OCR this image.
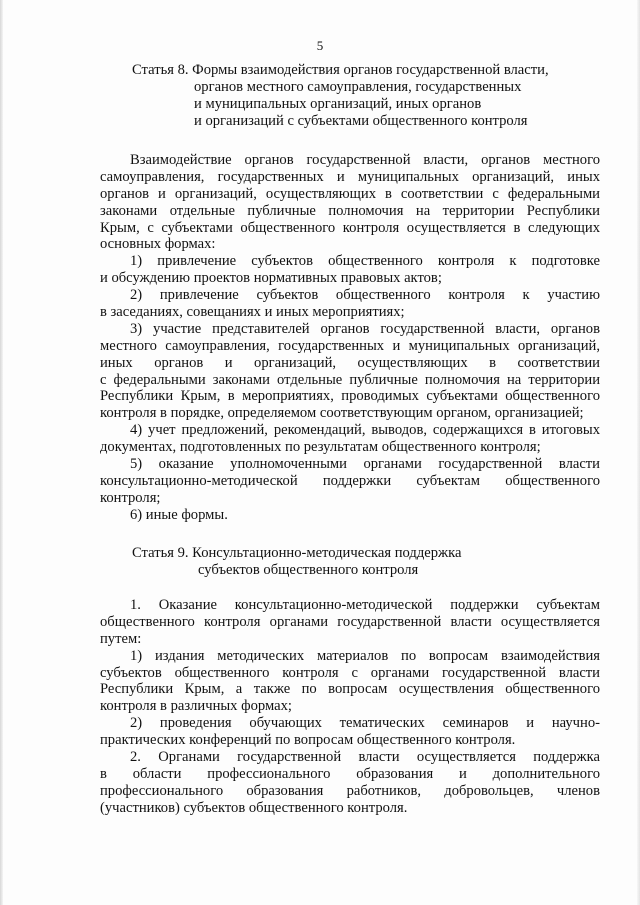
5
Статья 8. Формы взаимодействия органов государственной власти,
органов местного самоуправления, государственных
и муниципальных организаций, иных органов
и организаций с субъектами общественного контроля
Взаимодействие органов государственной власти, органов местного
самоуправления, государственных и муниципальных организаций, иных
органов и организаций, осуществляющих в соответствии с федеральными
законами отдельные публичные полномочия на территории Республики
Крым, с субъектами общественного контроля осуществляется в следующих
основных формах:
1) привлечение субъектов общественного контроля к подготовке
и обсуждению проектов нормативных правовых актов;
2) привлечение субъектов общественного контроля к участию
в заседаниях, совещаниях и иных мероприятиях;
3) участие представителей органов государственной власти, органов
местного самоуправления, государственных и муниципальных организаций,
иных органов и организаций, осуществляющих в соответствии
с федеральными законами отдельные публичные полномочия на территории
Республики Крым, в мероприятиях, проводимых субъектами общественного
контроля в порядке, определяемом соответствующим органом, организацией;
4) учет предложений, рекомендаций, выводов, содержащихся в итоговых
документах, подготовленных по результатам общественного контроля;
5) оказание уполномоченными органами государственной власти
консультационно-методической поддержки субъектам общественного
контроля;
6) иные формы.
Статья 9. Консультационно-методическая поддержка
субъектов общественного контроля
1. Оказание консультационно-методической поддержки субъектам
общественного контроля органами государственной власти осуществляется
путем:
1) издания методических материалов по вопросам взаимодействия
субъектов общественного контроля с органами государственной власти
Республики Крым, а также по вопросам осуществления общественного
контроля в различных формах;
2) проведения обучающих тематических семинаров и научно-
практических конференций по вопросам общественного контроля.
2. Органами государственной власти осуществляется поддержка
в области профессионального образования и дополнительного
профессионального образования работников, добровольцев, членов
(участников) субъектов общественного контроля.
